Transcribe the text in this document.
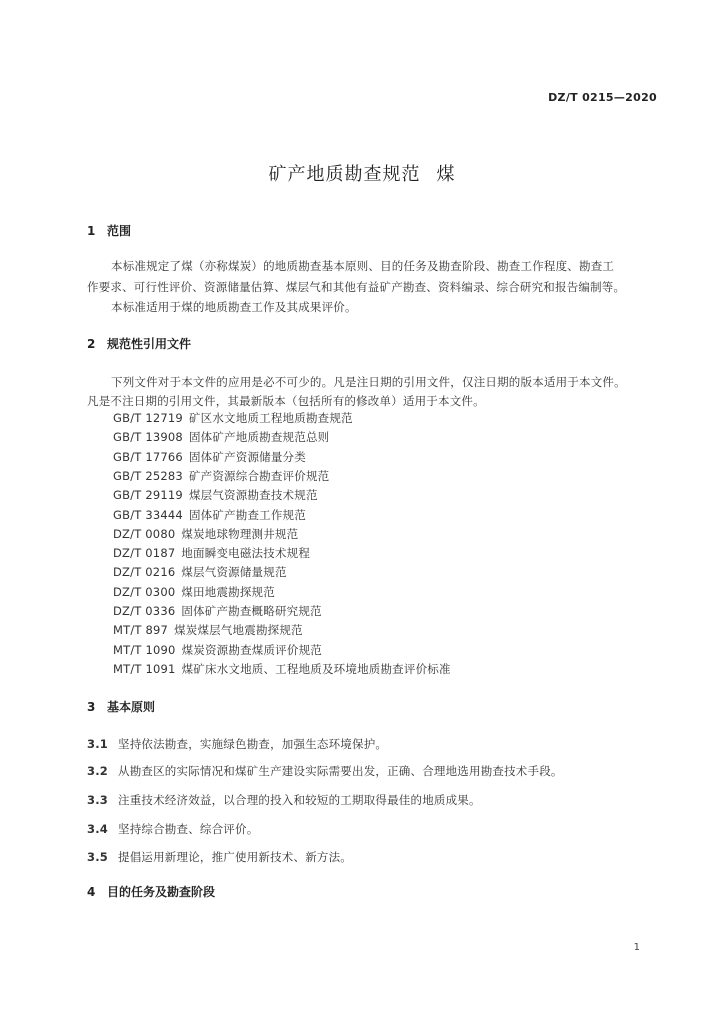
DZ/T 0215—2020
矿产地质勘查规范 煤
1 范围
本标准规定了煤（亦称煤炭）的地质勘查基本原则、目的任务及勘查阶段、勘查工作程度、勘查工
作要求、可行性评价、资源储量估算、煤层气和其他有益矿产勘查、资料编录、综合研究和报告编制等。
本标准适用于煤的地质勘查工作及其成果评价。
2 规范性引用文件
下列文件对于本文件的应用是必不可少的。凡是注日期的引用文件，仅注日期的版本适用于本文件。
凡是不注日期的引用文件，其最新版本（包括所有的修改单）适用于本文件。
GB/T 12719 矿区水文地质工程地质勘查规范
GB/T 13908 固体矿产地质勘查规范总则
GB/T 17766 固体矿产资源储量分类
GB/T 25283 矿产资源综合勘查评价规范
GB/T 29119 煤层气资源勘查技术规范
GB/T 33444 固体矿产勘查工作规范
DZ/T 0080 煤炭地球物理测井规范
DZ/T 0187 地面瞬变电磁法技术规程
DZ/T 0216 煤层气资源储量规范
DZ/T 0300 煤田地震勘探规范
DZ/T 0336 固体矿产勘查概略研究规范
MT/T 897 煤炭煤层气地震勘探规范
MT/T 1090 煤炭资源勘查煤质评价规范
MT/T 1091 煤矿床水文地质、工程地质及环境地质勘查评价标准
3 基本原则
3.1 坚持依法勘查，实施绿色勘查，加强生态环境保护。
3.2 从勘查区的实际情况和煤矿生产建设实际需要出发，正确、合理地选用勘查技术手段。
3.3 注重技术经济效益，以合理的投入和较短的工期取得最佳的地质成果。
3.4 坚持综合勘查、综合评价。
3.5 提倡运用新理论，推广使用新技术、新方法。
4 目的任务及勘查阶段
1
